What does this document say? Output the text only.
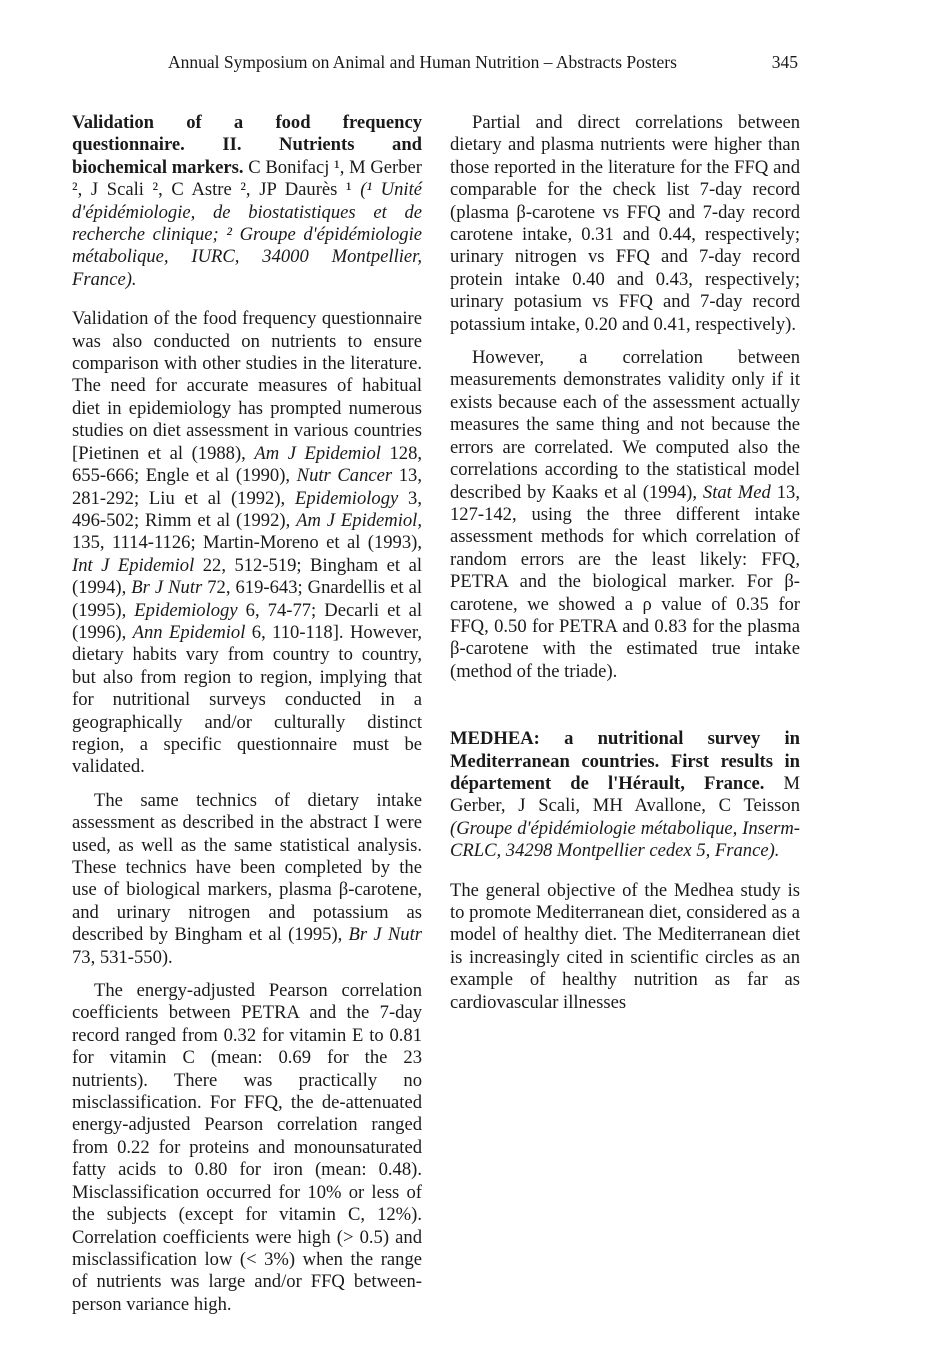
Annual Symposium on Animal and Human Nutrition – Abstracts Posters	345

Validation of a food frequency questionnaire. II. Nutrients and biochemical markers. C Bonifacj ¹, M Gerber ², J Scali ², C Astre ², JP Daurès ¹ (¹ Unité d'épidémiologie, de biostatistiques et de recherche clinique; ² Groupe d'épidémiologie métabolique, IURC, 34000 Montpellier, France).

Validation of the food frequency questionnaire was also conducted on nutrients to ensure comparison with other studies in the literature. The need for accurate measures of habitual diet in epidemiology has prompted numerous studies on diet assessment in various countries [Pietinen et al (1988), Am J Epidemiol 128, 655-666; Engle et al (1990), Nutr Cancer 13, 281-292; Liu et al (1992), Epidemiology 3, 496-502; Rimm et al (1992), Am J Epidemiol, 135, 1114-1126; Martin-Moreno et al (1993), Int J Epidemiol 22, 512-519; Bingham et al (1994), Br J Nutr 72, 619-643; Gnardellis et al (1995), Epidemiology 6, 74-77; Decarli et al (1996), Ann Epidemiol 6, 110-118]. However, dietary habits vary from country to country, but also from region to region, implying that for nutritional surveys conducted in a geographically and/or culturally distinct region, a specific questionnaire must be validated.

The same technics of dietary intake assessment as described in the abstract I were used, as well as the same statistical analysis. These technics have been completed by the use of biological markers, plasma β-carotene, and urinary nitrogen and potassium as described by Bingham et al (1995), Br J Nutr 73, 531-550).

The energy-adjusted Pearson correlation coefficients between PETRA and the 7-day record ranged from 0.32 for vitamin E to 0.81 for vitamin C (mean: 0.69 for the 23 nutrients). There was practically no misclassification. For FFQ, the de-attenuated energy-adjusted Pearson correlation ranged from 0.22 for proteins and monounsaturated fatty acids to 0.80 for iron (mean: 0.48). Misclassification occurred for 10% or less of the subjects (except for vitamin C, 12%). Correlation coefficients were high (> 0.5) and misclassification low (< 3%) when the range of nutrients was large and/or FFQ between-person variance high.

Partial and direct correlations between dietary and plasma nutrients were higher than those reported in the literature for the FFQ and comparable for the check list 7-day record (plasma β-carotene vs FFQ and 7-day record carotene intake, 0.31 and 0.44, respectively; urinary nitrogen vs FFQ and 7-day record protein intake 0.40 and 0.43, respectively; urinary potasium vs FFQ and 7-day record potassium intake, 0.20 and 0.41, respectively).

However, a correlation between measurements demonstrates validity only if it exists because each of the assessment actually measures the same thing and not because the errors are correlated. We computed also the correlations according to the statistical model described by Kaaks et al (1994), Stat Med 13, 127-142, using the three different intake assessment methods for which correlation of random errors are the least likely: FFQ, PETRA and the biological marker. For β-carotene, we showed a ρ value of 0.35 for FFQ, 0.50 for PETRA and 0.83 for the plasma β-carotene with the estimated true intake (method of the triade).

MEDHEA: a nutritional survey in Mediterranean countries. First results in département de l'Hérault, France. M Gerber, J Scali, MH Avallone, C Teisson (Groupe d'épidémiologie métabolique, Inserm-CRLC, 34298 Montpellier cedex 5, France).

The general objective of the Medhea study is to promote Mediterranean diet, considered as a model of healthy diet. The Mediterranean diet is increasingly cited in scientific circles as an example of healthy nutrition as far as cardiovascular illnesses
